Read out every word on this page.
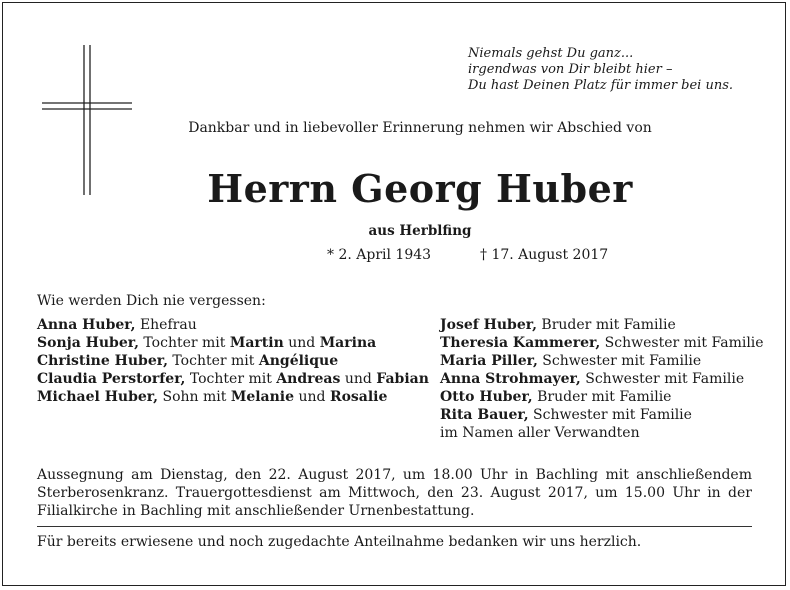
Niemals gehst Du ganz...
irgendwas von Dir bleibt hier –
Du hast Deinen Platz für immer bei uns.
Dankbar und in liebevoller Erinnerung nehmen wir Abschied von
Herrn Georg Huber
aus Herblfing
* 2. April 1943	† 17. August 2017
Wie werden Dich nie vergessen:
Anna Huber, Ehefrau
Sonja Huber, Tochter mit Martin und Marina
Christine Huber, Tochter mit Angélique
Claudia Perstorfer, Tochter mit Andreas und Fabian
Michael Huber, Sohn mit Melanie und Rosalie
Josef Huber, Bruder mit Familie
Theresia Kammerer, Schwester mit Familie
Maria Piller, Schwester mit Familie
Anna Strohmayer, Schwester mit Familie
Otto Huber, Bruder mit Familie
Rita Bauer, Schwester mit Familie
im Namen aller Verwandten
Aussegnung am Dienstag, den 22. August 2017, um 18.00 Uhr in Bachling mit anschließendem Sterberosenkranz. Trauergottesdienst am Mittwoch, den 23. August 2017, um 15.00 Uhr in der Filialkirche in Bachling mit anschließender Urnenbestattung.
Für bereits erwiesene und noch zugedachte Anteilnahme bedanken wir uns herzlich.
